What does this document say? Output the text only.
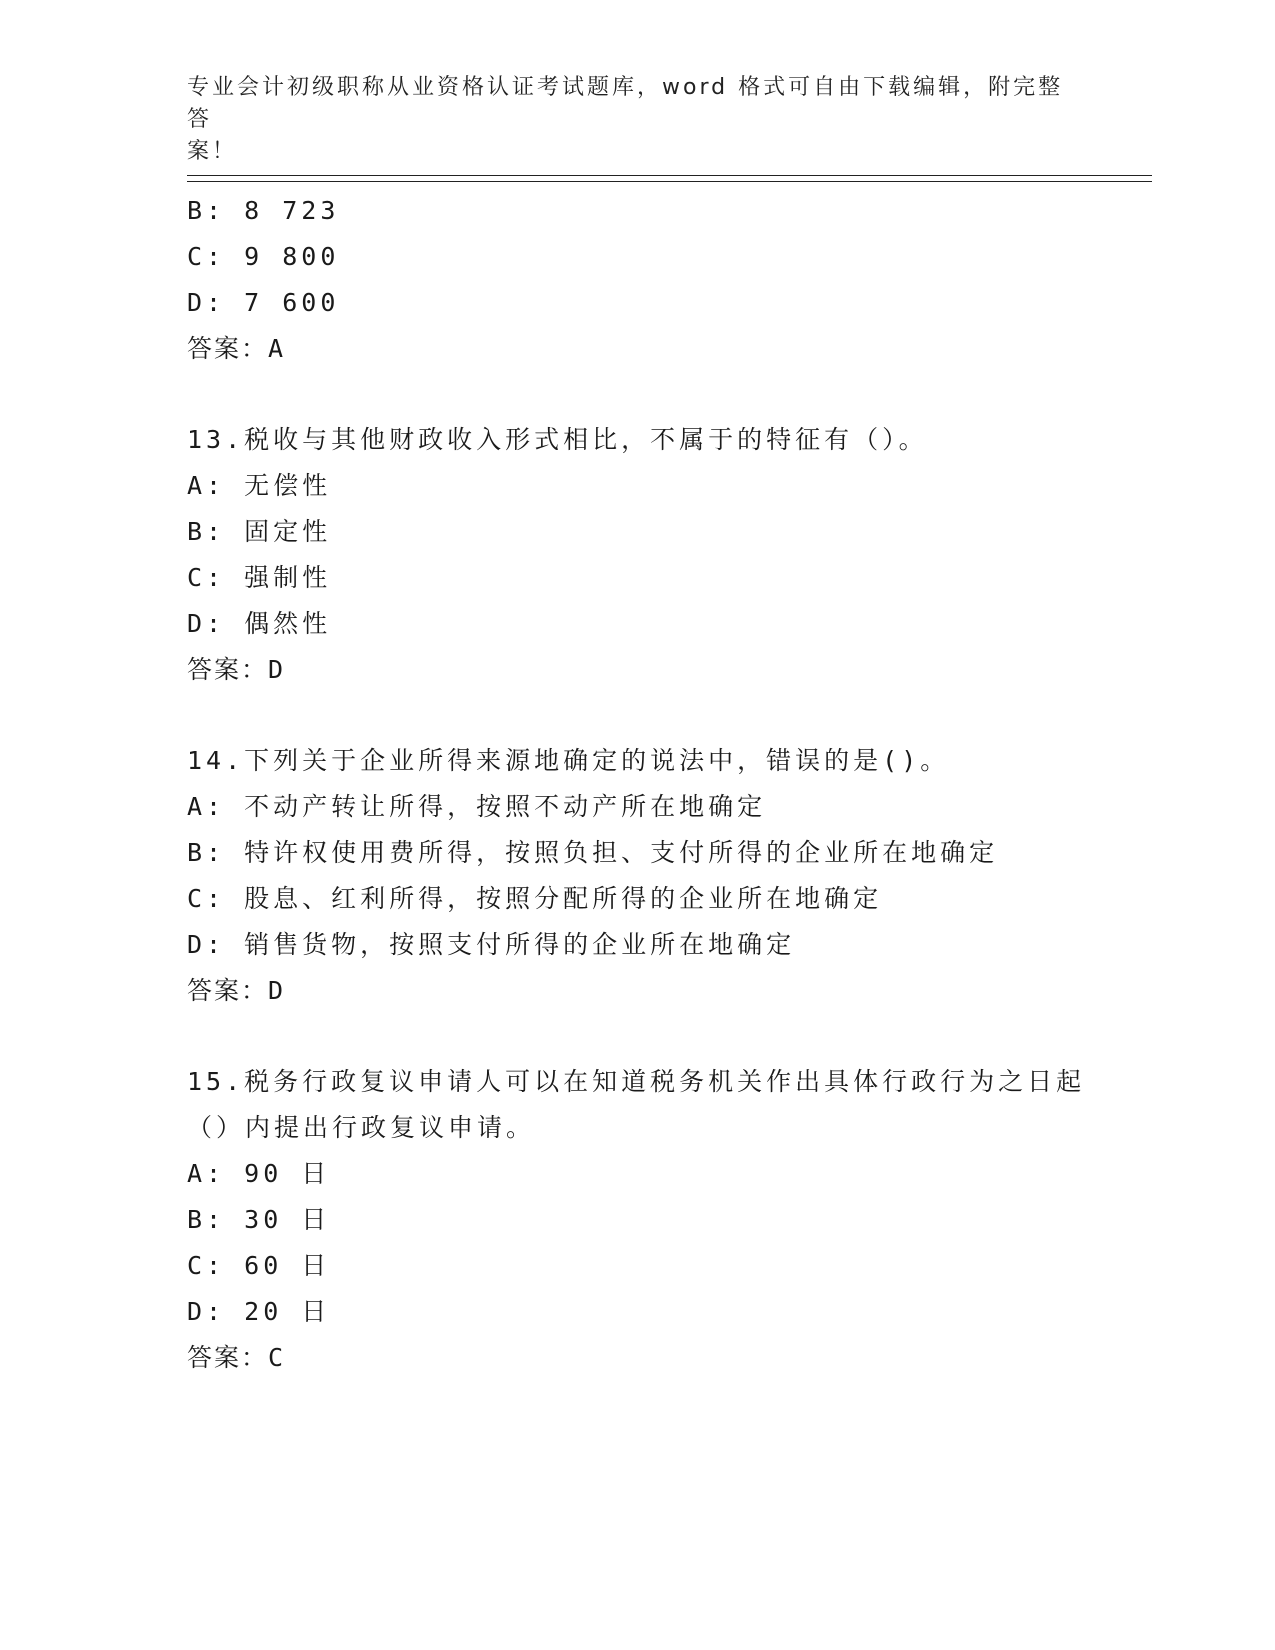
专业会计初级职称从业资格认证考试题库，word 格式可自由下载编辑，附完整答
案！
B: 8 723
C: 9 800
D: 7 600
答案：A
13.税收与其他财政收入形式相比，不属于的特征有（）。
A: 无偿性
B: 固定性
C: 强制性
D: 偶然性
答案：D
14.下列关于企业所得来源地确定的说法中，错误的是()。
A: 不动产转让所得，按照不动产所在地确定
B: 特许权使用费所得，按照负担、支付所得的企业所在地确定
C: 股息、红利所得，按照分配所得的企业所在地确定
D: 销售货物，按照支付所得的企业所在地确定
答案：D
15.税务行政复议申请人可以在知道税务机关作出具体行政行为之日起
（）内提出行政复议申请。
A: 90 日
B: 30 日
C: 60 日
D: 20 日
答案：C
